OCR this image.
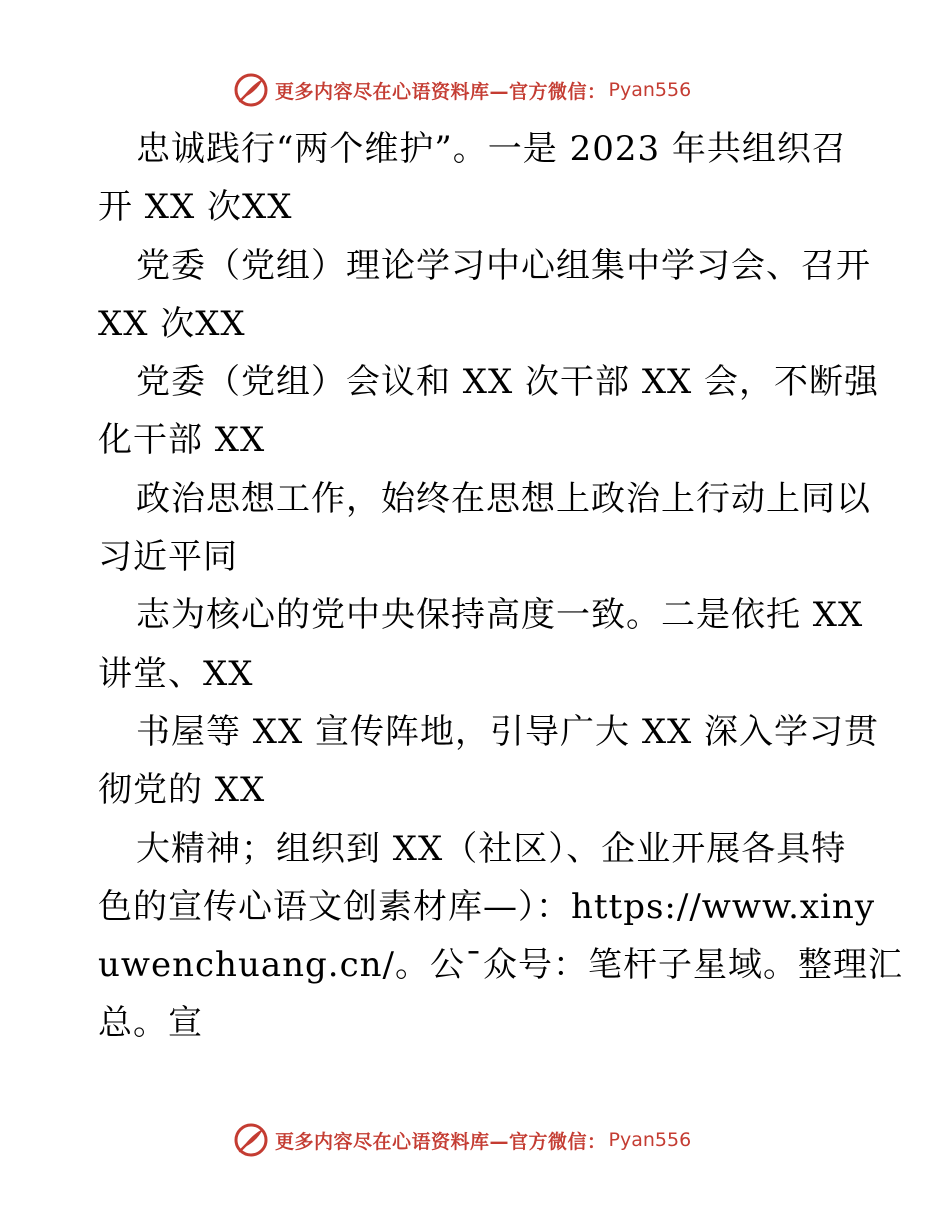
更多内容尽在心语资料库—官方微信： Pyan556
忠诚践行“两个维护”。一是 2023 年共组织召
开 XX 次XX
党委（党组）理论学习中心组集中学习会、召开
XX 次XX
党委（党组）会议和 XX 次干部 XX 会，不断强
化干部 XX
政治思想工作，始终在思想上政治上行动上同以
习近平同
志为核心的党中央保持高度一致。二是依托 XX
讲堂、XX
书屋等 XX 宣传阵地，引导广大 XX 深入学习贯
彻党的 XX
大精神；组织到 XX（社区）、企业开展各具特
色的宣传心语文创素材库—）：https://www.xiny
uwenchuang.cn/。公¯众号：笔杆子星域。整理汇
总。宣
更多内容尽在心语资料库—官方微信： Pyan556
